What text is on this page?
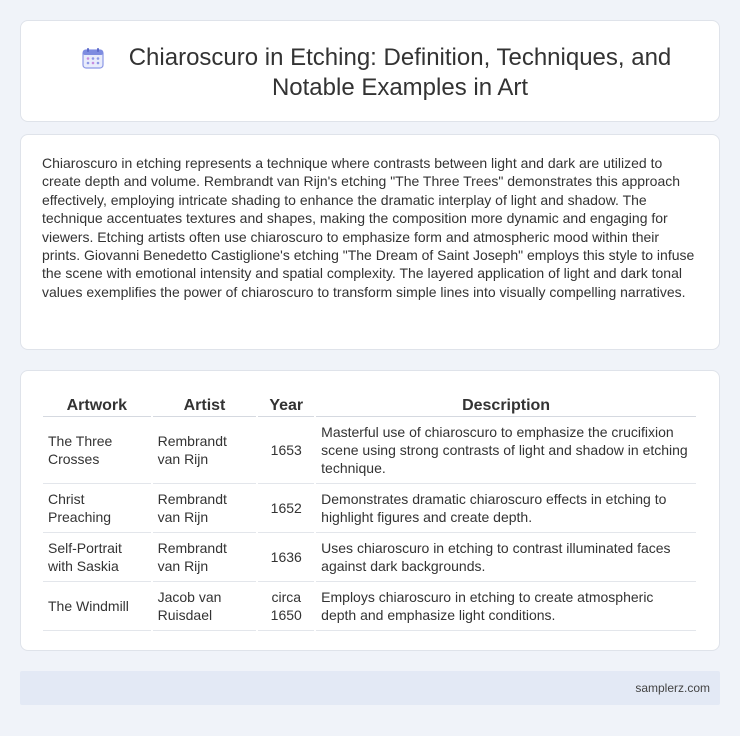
Chiaroscuro in Etching: Definition, Techniques, and Notable Examples in Art

Chiaroscuro in etching represents a technique where contrasts between light and dark are utilized to create depth and volume. Rembrandt van Rijn's etching "The Three Trees" demonstrates this approach effectively, employing intricate shading to enhance the dramatic interplay of light and shadow. The technique accentuates textures and shapes, making the composition more dynamic and engaging for viewers. Etching artists often use chiaroscuro to emphasize form and atmospheric mood within their prints. Giovanni Benedetto Castiglione's etching "The Dream of Saint Joseph" employs this style to infuse the scene with emotional intensity and spatial complexity. The layered application of light and dark tonal values exemplifies the power of chiaroscuro to transform simple lines into visually compelling narratives.

Artwork	Artist	Year	Description
The Three Crosses	Rembrandt van Rijn	1653	Masterful use of chiaroscuro to emphasize the crucifixion scene using strong contrasts of light and shadow in etching technique.
Christ Preaching	Rembrandt van Rijn	1652	Demonstrates dramatic chiaroscuro effects in etching to highlight figures and create depth.
Self-Portrait with Saskia	Rembrandt van Rijn	1636	Uses chiaroscuro in etching to contrast illuminated faces against dark backgrounds.
The Windmill	Jacob van Ruisdael	circa 1650	Employs chiaroscuro in etching to create atmospheric depth and emphasize light conditions.
samplerz.com
